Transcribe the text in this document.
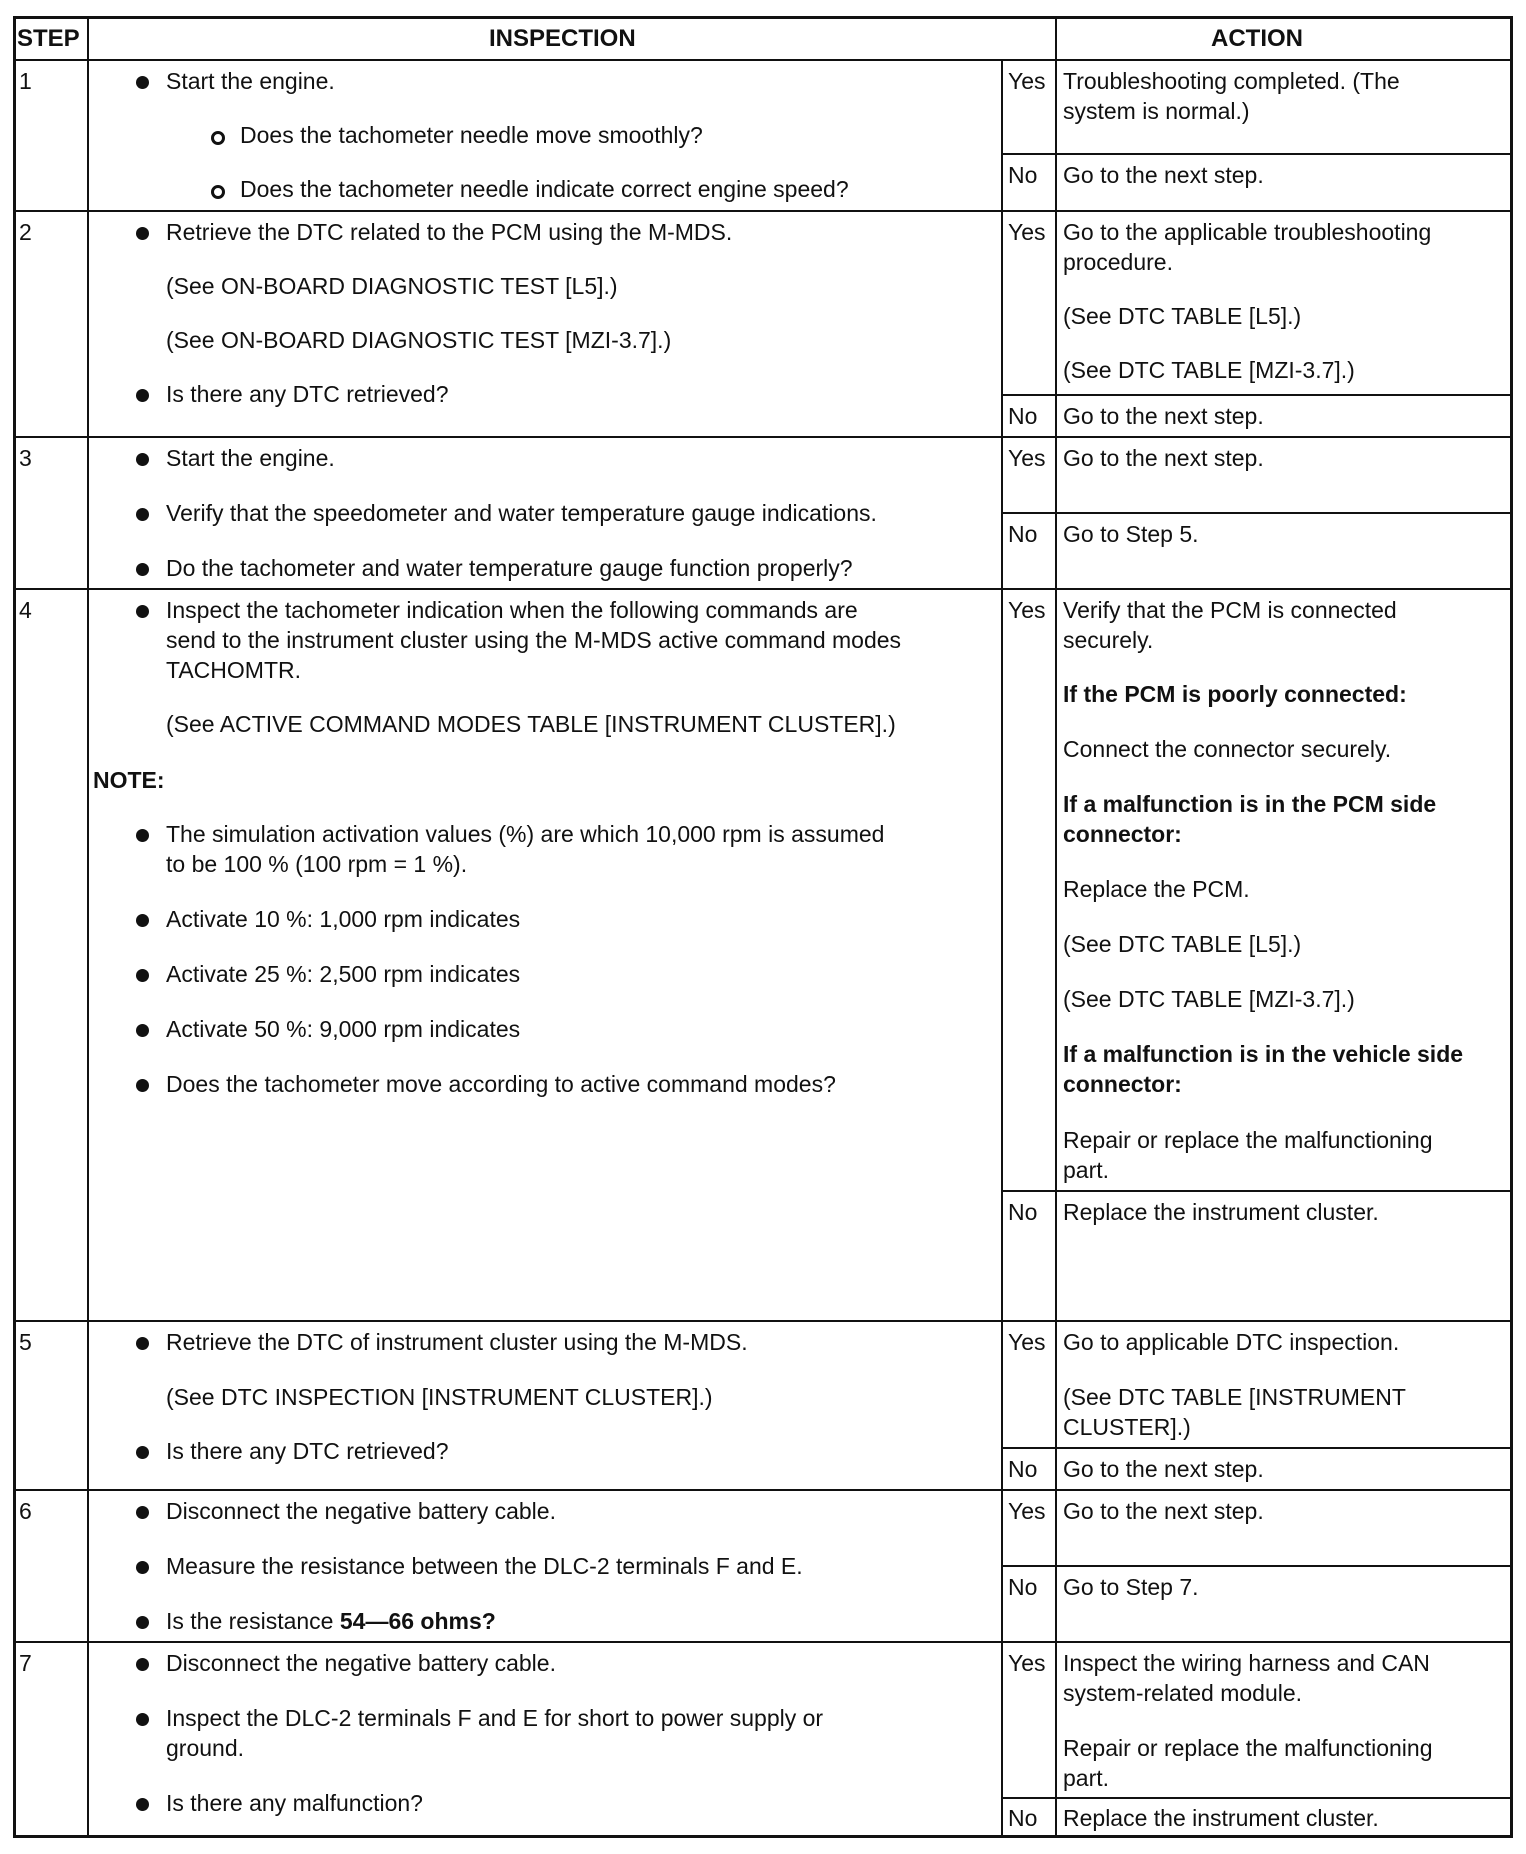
STEP	INSPECTION	ACTION
1	Start the engine.
Does the tachometer needle move smoothly?
Does the tachometer needle indicate correct engine speed?
Yes Troubleshooting completed. (The
system is normal.)
No Go to the next step.
2	Retrieve the DTC related to the PCM using the M-MDS.
(See ON-BOARD DIAGNOSTIC TEST [L5].)
(See ON-BOARD DIAGNOSTIC TEST [MZI-3.7].)
Is there any DTC retrieved?
Yes Go to the applicable troubleshooting
procedure.
(See DTC TABLE [L5].)
(See DTC TABLE [MZI-3.7].)
No Go to the next step.
3	Start the engine.
Verify that the speedometer and water temperature gauge indications.
Do the tachometer and water temperature gauge function properly?
Yes Go to the next step.
No Go to Step 5.
4	Inspect the tachometer indication when the following commands are
send to the instrument cluster using the M-MDS active command modes
TACHOMTR.
(See ACTIVE COMMAND MODES TABLE [INSTRUMENT CLUSTER].)
NOTE:
The simulation activation values (%) are which 10,000 rpm is assumed
to be 100 % (100 rpm = 1 %).
Activate 10 %: 1,000 rpm indicates
Activate 25 %: 2,500 rpm indicates
Activate 50 %: 9,000 rpm indicates
Does the tachometer move according to active command modes?
Yes Verify that the PCM is connected
securely.
If the PCM is poorly connected:
Connect the connector securely.
If a malfunction is in the PCM side
connector:
Replace the PCM.
(See DTC TABLE [L5].)
(See DTC TABLE [MZI-3.7].)
If a malfunction is in the vehicle side
connector:
Repair or replace the malfunctioning
part.
No Replace the instrument cluster.
5	Retrieve the DTC of instrument cluster using the M-MDS.
(See DTC INSPECTION [INSTRUMENT CLUSTER].)
Is there any DTC retrieved?
Yes Go to applicable DTC inspection.
(See DTC TABLE [INSTRUMENT
CLUSTER].)
No Go to the next step.
6	Disconnect the negative battery cable.
Measure the resistance between the DLC-2 terminals F and E.
Is the resistance 54—66 ohms?
Yes Go to the next step.
No Go to Step 7.
7	Disconnect the negative battery cable.
Inspect the DLC-2 terminals F and E for short to power supply or
ground.
Is there any malfunction?
Yes Inspect the wiring harness and CAN
system-related module.
Repair or replace the malfunctioning
part.
No Replace the instrument cluster.
